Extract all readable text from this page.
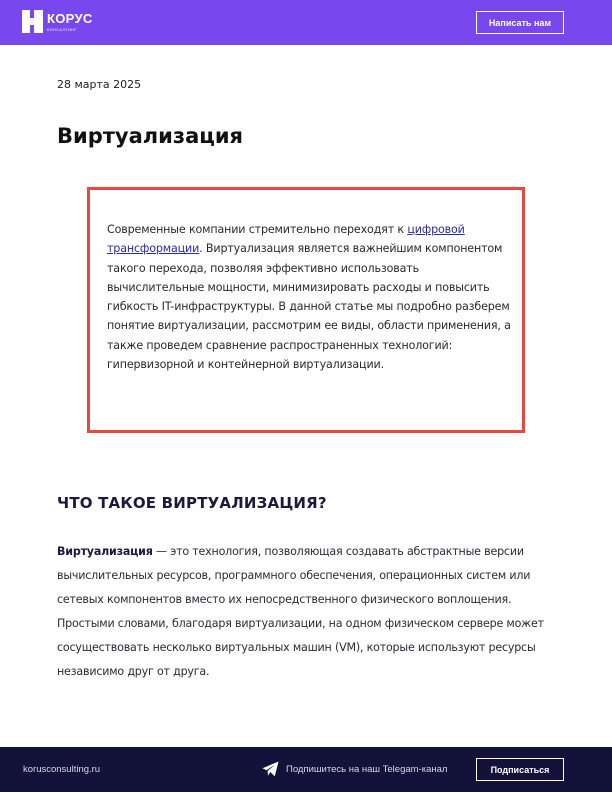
КОРУС
КОНСАЛТИНГ
Написать нам
28 марта 2025
Виртуализация

Современные компании стремительно переходят к цифровой трансформации. Виртуализация является важнейшим компонентом такого перехода, позволяя эффективно использовать вычислительные мощности, минимизировать расходы и повысить гибкость IT-инфраструктуры. В данной статье мы подробно разберем понятие виртуализации, рассмотрим ее виды, области применения, а также проведем сравнение распространенных технологий: гипервизорной и контейнерной виртуализации.

ЧТО ТАКОЕ ВИРТУАЛИЗАЦИЯ?

Виртуализация — это технология, позволяющая создавать абстрактные версии вычислительных ресурсов, программного обеспечения, операционных систем или сетевых компонентов вместо их непосредственного физического воплощения. Простыми словами, благодаря виртуализации, на одном физическом сервере может сосуществовать несколько виртуальных машин (VM), которые используют ресурсы независимо друг от друга.

korusconsulting.ru	Подпишитесь на наш Telegam-канал	Подписаться
